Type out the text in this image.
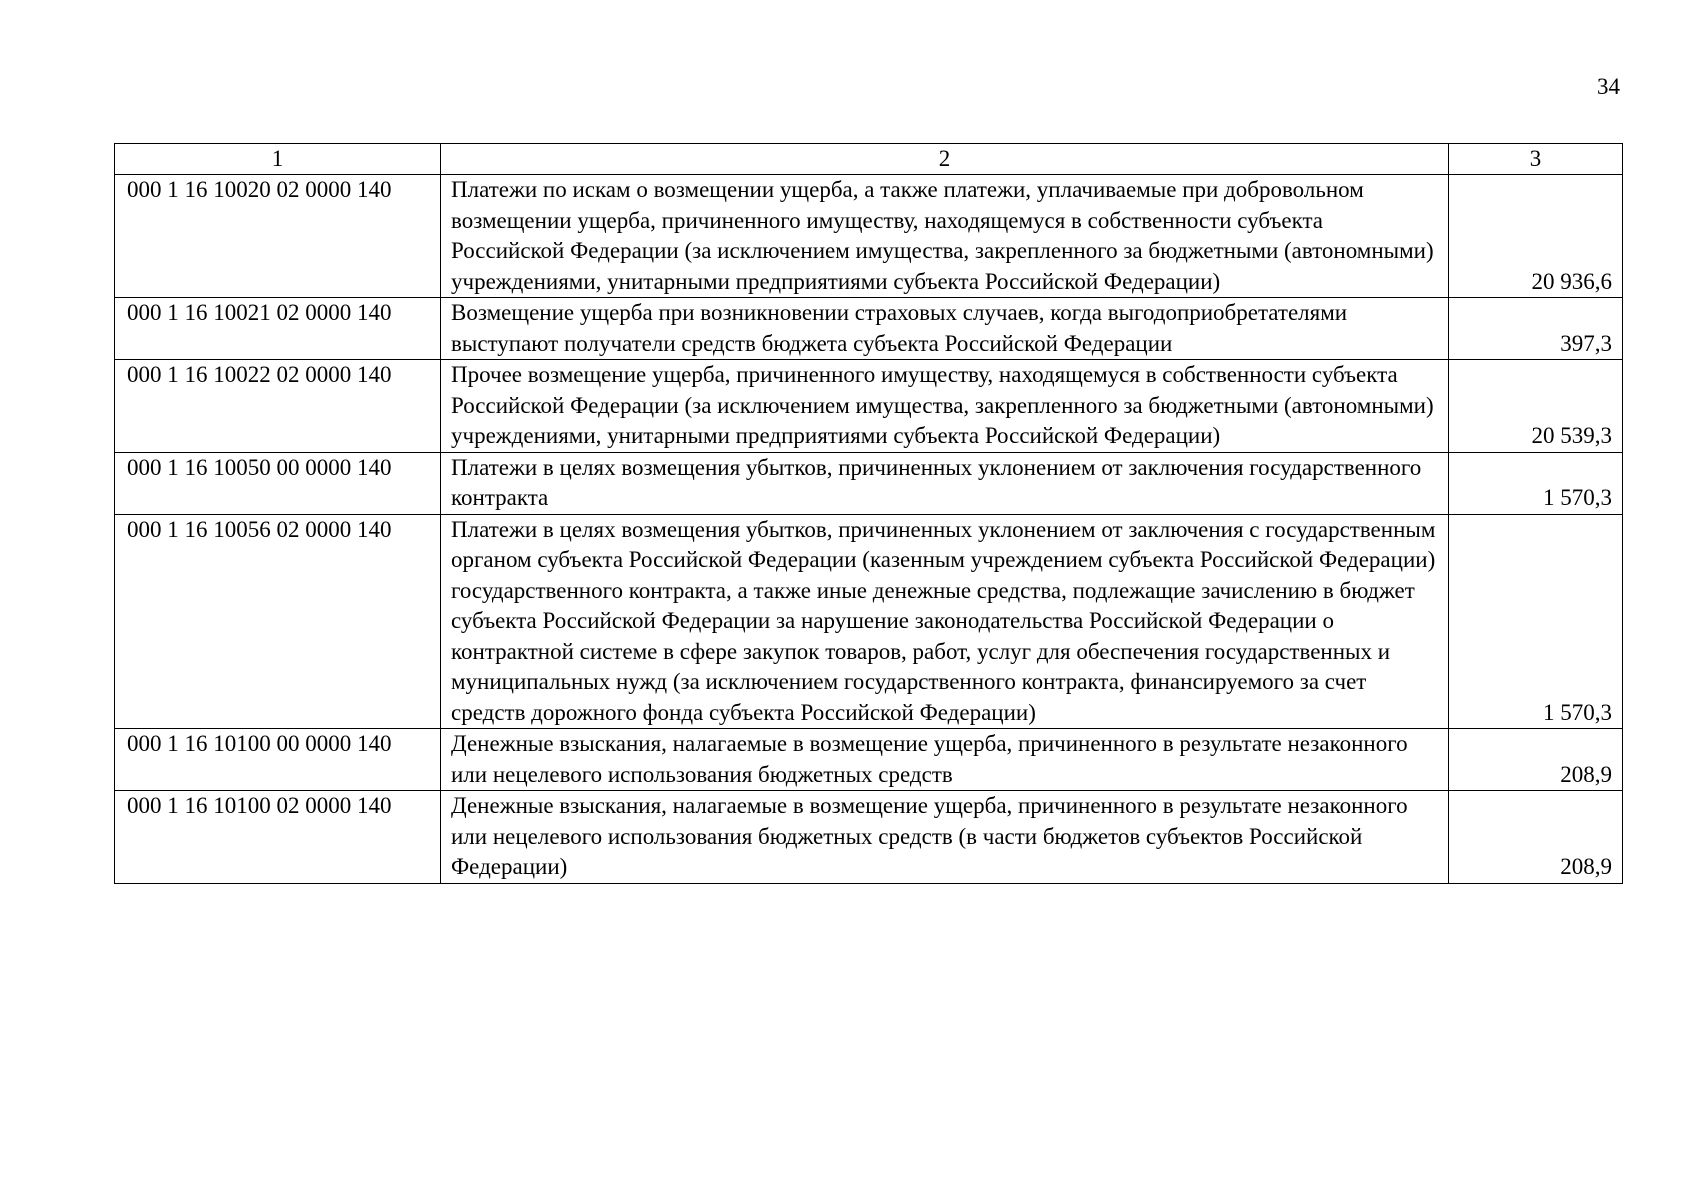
34
1	2	3
000 1 16 10020 02 0000 140	Платежи по искам о возмещении ущерба, а также платежи, уплачиваемые при добровольном возмещении ущерба, причиненного имуществу, находящемуся в собственности субъекта Российской Федерации (за исключением имущества, закрепленного за бюджетными (автономными) учреждениями, унитарными предприятиями субъекта Российской Федерации)	20 936,6
000 1 16 10021 02 0000 140	Возмещение ущерба при возникновении страховых случаев, когда выгодоприобретателями выступают получатели средств бюджета субъекта Российской Федерации	397,3
000 1 16 10022 02 0000 140	Прочее возмещение ущерба, причиненного имуществу, находящемуся в собственности субъекта Российской Федерации (за исключением имущества, закрепленного за бюджетными (автономными) учреждениями, унитарными предприятиями субъекта Российской Федерации)	20 539,3
000 1 16 10050 00 0000 140	Платежи в целях возмещения убытков, причиненных уклонением от заключения государственного контракта	1 570,3
000 1 16 10056 02 0000 140	Платежи в целях возмещения убытков, причиненных уклонением от заключения с государственным органом субъекта Российской Федерации (казенным учреждением субъекта Российской Федерации) государственного контракта, а также иные денежные средства, подлежащие зачислению в бюджет субъекта Российской Федерации за нарушение законодательства Российской Федерации о контрактной системе в сфере закупок товаров, работ, услуг для обеспечения государственных и муниципальных нужд (за исключением государственного контракта, финансируемого за счет средств дорожного фонда субъекта Российской Федерации)	1 570,3
000 1 16 10100 00 0000 140	Денежные взыскания, налагаемые в возмещение ущерба, причиненного в результате незаконного или нецелевого использования бюджетных средств	208,9
000 1 16 10100 02 0000 140	Денежные взыскания, налагаемые в возмещение ущерба, причиненного в результате незаконного или нецелевого использования бюджетных средств (в части бюджетов субъектов Российской Федерации)	208,9
